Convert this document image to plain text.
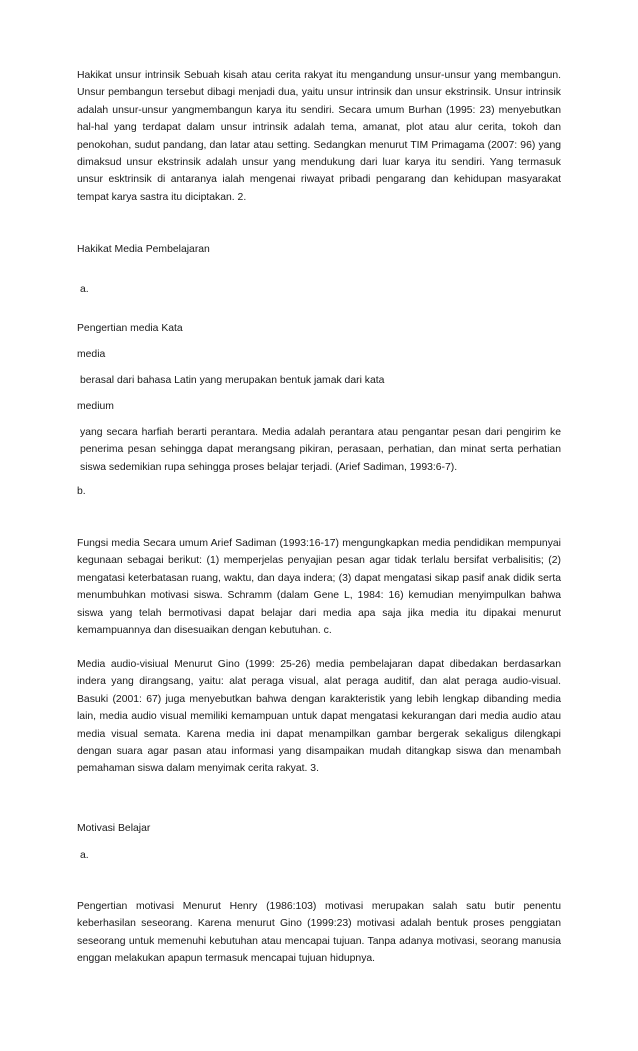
Hakikat unsur intrinsik Sebuah kisah atau cerita rakyat itu mengandung unsur-unsur yang membangun. Unsur pembangun tersebut dibagi menjadi dua, yaitu unsur intrinsik dan unsur ekstrinsik. Unsur intrinsik adalah unsur-unsur yangmembangun karya itu sendiri. Secara umum Burhan (1995: 23) menyebutkan hal-hal yang terdapat dalam unsur intrinsik adalah tema, amanat, plot atau alur cerita, tokoh dan penokohan, sudut pandang, dan latar atau setting. Sedangkan menurut TIM Primagama (2007: 96) yang dimaksud unsur ekstrinsik adalah unsur yang mendukung dari luar karya itu sendiri. Yang termasuk unsur esktrinsik di antaranya ialah mengenai riwayat pribadi pengarang dan kehidupan masyarakat tempat karya sastra itu diciptakan. 2.

Hakikat Media Pembelajaran

a.

Pengertian media Kata

media

berasal dari bahasa Latin yang merupakan bentuk jamak dari kata

medium

yang secara harfiah berarti perantara. Media adalah perantara atau pengantar pesan dari pengirim ke penerima pesan sehingga dapat merangsang pikiran, perasaan, perhatian, dan minat serta perhatian siswa sedemikian rupa sehingga proses belajar terjadi. (Arief Sadiman, 1993:6-7).

b.

Fungsi media Secara umum Arief Sadiman (1993:16-17) mengungkapkan media pendidikan mempunyai kegunaan sebagai berikut: (1) memperjelas penyajian pesan agar tidak terlalu bersifat verbalisitis; (2) mengatasi keterbatasan ruang, waktu, dan daya indera; (3) dapat mengatasi sikap pasif anak didik serta menumbuhkan motivasi siswa. Schramm (dalam Gene L, 1984: 16) kemudian menyimpulkan bahwa siswa yang telah bermotivasi dapat belajar dari media apa saja jika media itu dipakai menurut kemampuannya dan disesuaikan dengan kebutuhan. c.

Media audio-visiual Menurut Gino (1999: 25-26) media pembelajaran dapat dibedakan berdasarkan indera yang dirangsang, yaitu: alat peraga visual, alat peraga auditif, dan alat peraga audio-visual. Basuki (2001: 67) juga menyebutkan bahwa dengan karakteristik yang lebih lengkap dibanding media lain, media audio visual memiliki kemampuan untuk dapat mengatasi kekurangan dari media audio atau media visual semata. Karena media ini dapat menampilkan gambar bergerak sekaligus dilengkapi dengan suara agar pasan atau informasi yang disampaikan mudah ditangkap siswa dan menambah pemahaman siswa dalam menyimak cerita rakyat. 3.

Motivasi Belajar

a.

Pengertian motivasi Menurut Henry (1986:103) motivasi merupakan salah satu butir penentu keberhasilan seseorang. Karena menurut Gino (1999:23) motivasi adalah bentuk proses penggiatan seseorang untuk memenuhi kebutuhan atau mencapai tujuan. Tanpa adanya motivasi, seorang manusia enggan melakukan apapun termasuk mencapai tujuan hidupnya.
